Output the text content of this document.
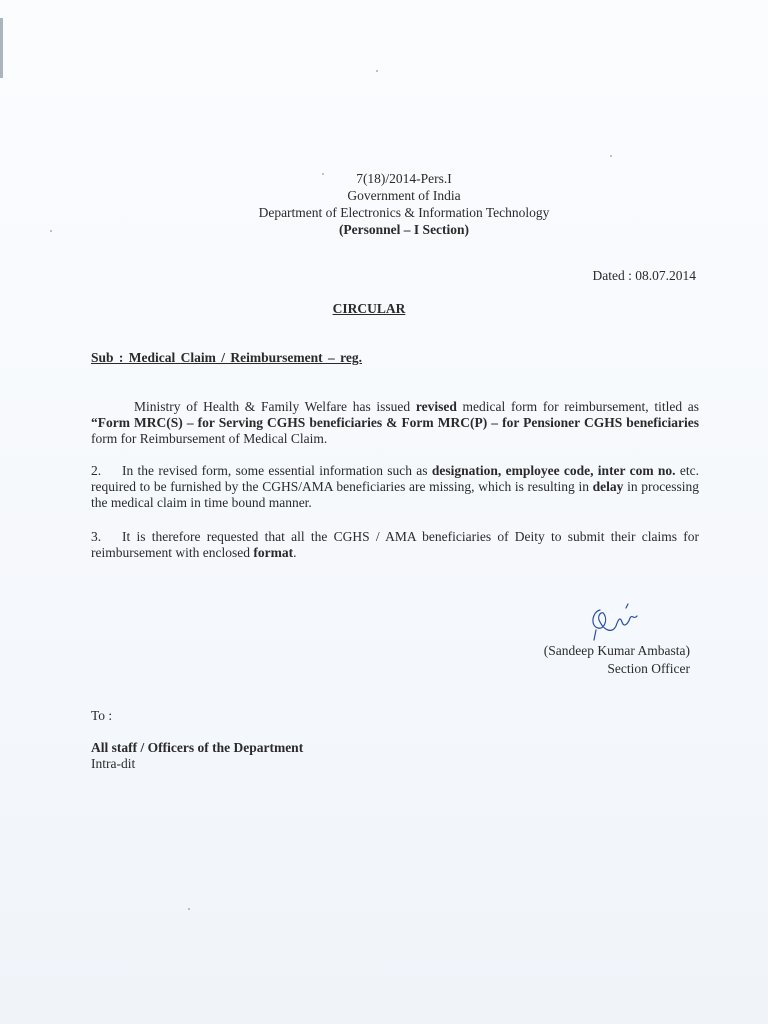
7(18)/2014-Pers.I
Government of India
Department of Electronics & Information Technology
(Personnel – I Section)
Dated : 08.07.2014
CIRCULAR
Sub : Medical Claim / Reimbursement – reg.
Ministry of Health & Family Welfare has issued revised medical form for reimbursement, titled as “Form MRC(S) – for Serving CGHS beneficiaries & Form MRC(P) – for Pensioner CGHS beneficiaries form for Reimbursement of Medical Claim.
2. In the revised form, some essential information such as designation, employee code, inter com no. etc. required to be furnished by the CGHS/AMA beneficiaries are missing, which is resulting in delay in processing the medical claim in time bound manner.
3. It is therefore requested that all the CGHS / AMA beneficiaries of Deity to submit their claims for reimbursement with enclosed format.
(Sandeep Kumar Ambasta)
Section Officer
To :
All staff / Officers of the Department
Intra-dit
